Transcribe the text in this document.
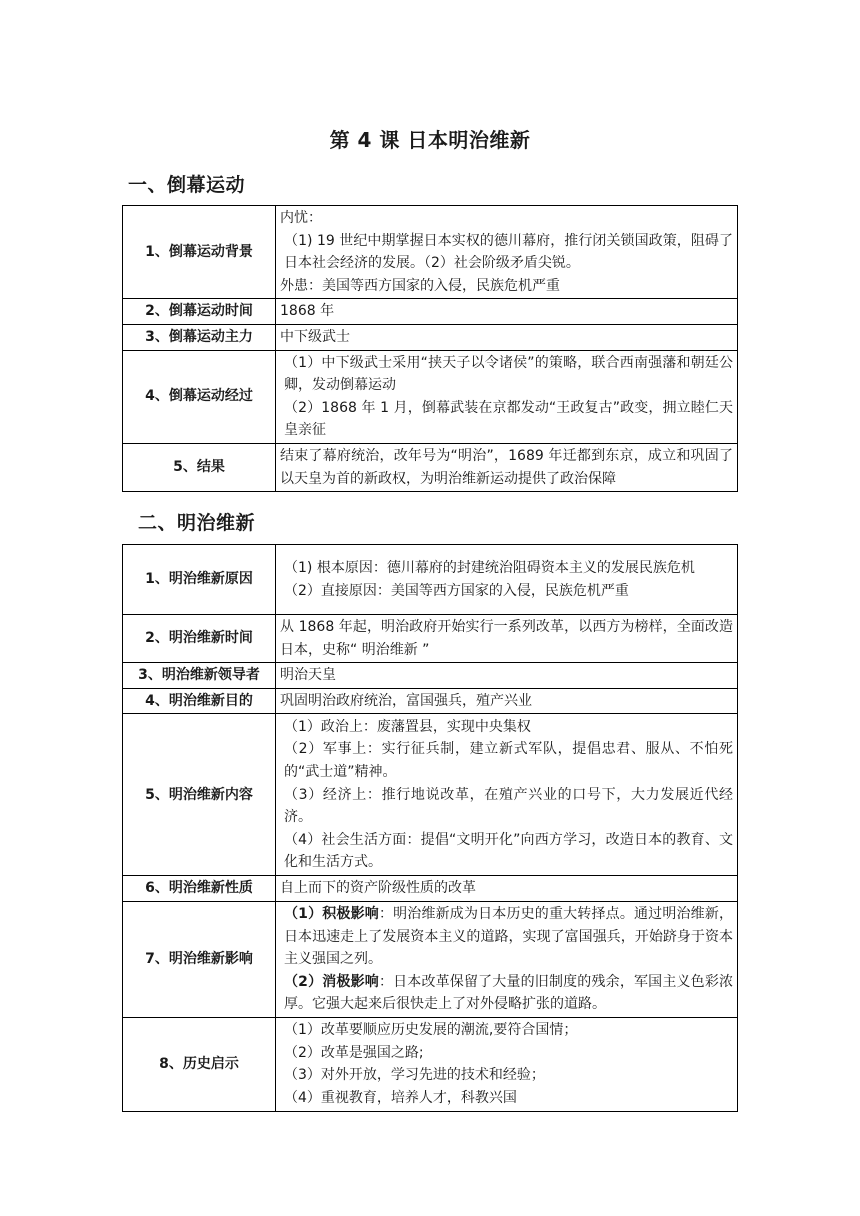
第 4 课 日本明治维新
一、倒幕运动
1、倒幕运动背景	内忧：
（1) 19 世纪中期掌握日本实权的德川幕府，推行闭关锁国政策，阻碍了日本社会经济的发展。（2）社会阶级矛盾尖锐。
外患：美国等西方国家的入侵，民族危机严重

2、倒幕运动时间	1868 年

3、倒幕运动主力	中下级武士

4、倒幕运动经过	（1）中下级武士采用“挟天子以令诸侯”的策略，联合西南强藩和朝廷公卿，发动倒幕运动
（2）1868 年 1 月，倒幕武装在京都发动“王政复古”政变，拥立睦仁天皇亲征

5、结果	结束了幕府统治，改年号为“明治”，1689 年迁都到东京，成立和巩固了以天皇为首的新政权，为明治维新运动提供了政治保障
二、明治维新
1、明治维新原因	（1) 根本原因：德川幕府的封建统治阻碍资本主义的发展民族危机
（2）直接原因：美国等西方国家的入侵，民族危机严重

2、明治维新时间	从 1868 年起，明治政府开始实行一系列改革，以西方为榜样，全面改造日本，史称“ 明治维新 ”

3、明治维新领导者	明治天皇

4、明治维新目的	巩固明治政府统治，富国强兵，殖产兴业

5、明治维新内容	（1）政治上：废藩置县，实现中央集权
（2）军事上：实行征兵制，建立新式军队，提倡忠君、服从、不怕死的“武士道”精神。
（3）经济上：推行地说改革，在殖产兴业的口号下，大力发展近代经济。
（4）社会生活方面：提倡“文明开化”向西方学习，改造日本的教育、文化和生活方式。

6、明治维新性质	自上而下的资产阶级性质的改革

7、明治维新影响	（1）积极影响：明治维新成为日本历史的重大转择点。通过明治维新，日本迅速走上了发展资本主义的道路，实现了富国强兵，开始跻身于资本主义强国之列。
（2）消极影响：日本改革保留了大量的旧制度的残余，军国主义色彩浓厚。它强大起来后很快走上了对外侵略扩张的道路。

8、历史启示	（1）改革要顺应历史发展的潮流,要符合国情；
（2）改革是强国之路;
（3）对外开放，学习先进的技术和经验；
（4）重视教育，培养人才，科教兴国
